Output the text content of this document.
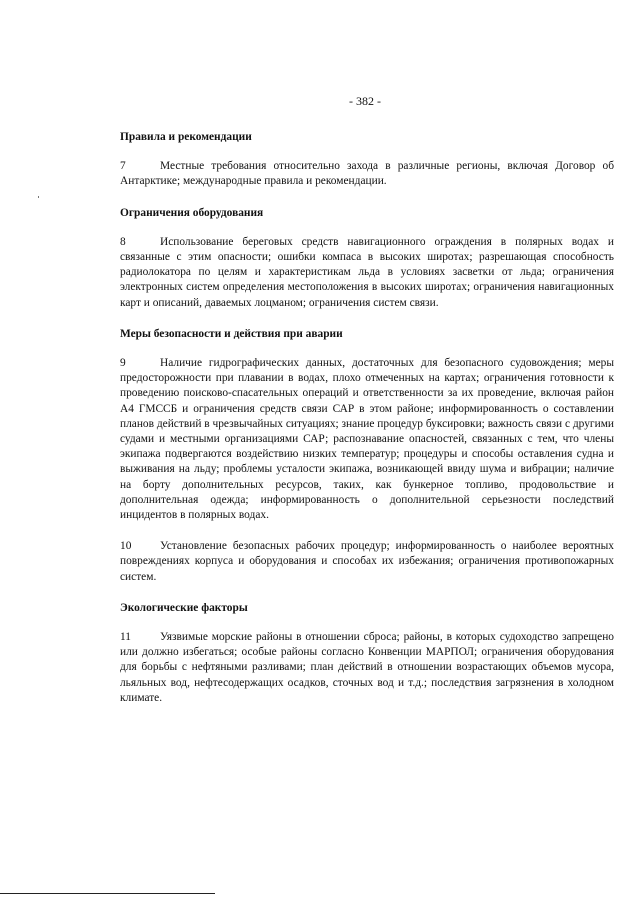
- 382 -
Правила и рекомендации

7	Местные требования относительно захода в различные регионы, включая Договор об Антарктике; международные правила и рекомендации.

Ограничения оборудования

8	Использование береговых средств навигационного ограждения в полярных водах и связанные с этим опасности; ошибки компаса в высоких широтах; разрешающая способность радиолокатора по целям и характеристикам льда в условиях засветки от льда; ограничения электронных систем определения местоположения в высоких широтах; ограничения навигационных карт и описаний, даваемых лоцманом; ограничения систем связи.

Меры безопасности и действия при аварии

9	Наличие гидрографических данных, достаточных для безопасного судовождения; меры предосторожности при плавании в водах, плохо отмеченных на картах; ограничения готовности к проведению поисково-спасательных операций и ответственности за их проведение, включая район А4 ГМССБ и ограничения средств связи САР в этом районе; информированность о составлении планов действий в чрезвычайных ситуациях; знание процедур буксировки; важность связи с другими судами и местными организациями САР; распознавание опасностей, связанных с тем, что члены экипажа подвергаются воздействию низких температур; процедуры и способы оставления судна и выживания на льду; проблемы усталости экипажа, возникающей ввиду шума и вибрации; наличие на борту дополнительных ресурсов, таких, как бункерное топливо, продовольствие и дополнительная одежда; информированность о дополнительной серьезности последствий инцидентов в полярных водах.

10	Установление безопасных рабочих процедур; информированность о наиболее вероятных повреждениях корпуса и оборудования и способах их избежания; ограничения противопожарных систем.

Экологические факторы

11	Уязвимые морские районы в отношении сброса; районы, в которых судоходство запрещено или должно избегаться; особые районы согласно Конвенции МАРПОЛ; ограничения оборудования для борьбы с нефтяными разливами; план действий в отношении возрастающих объемов мусора, льяльных вод, нефтесодержащих осадков, сточных вод и т.д.; последствия загрязнения в холодном климате.
